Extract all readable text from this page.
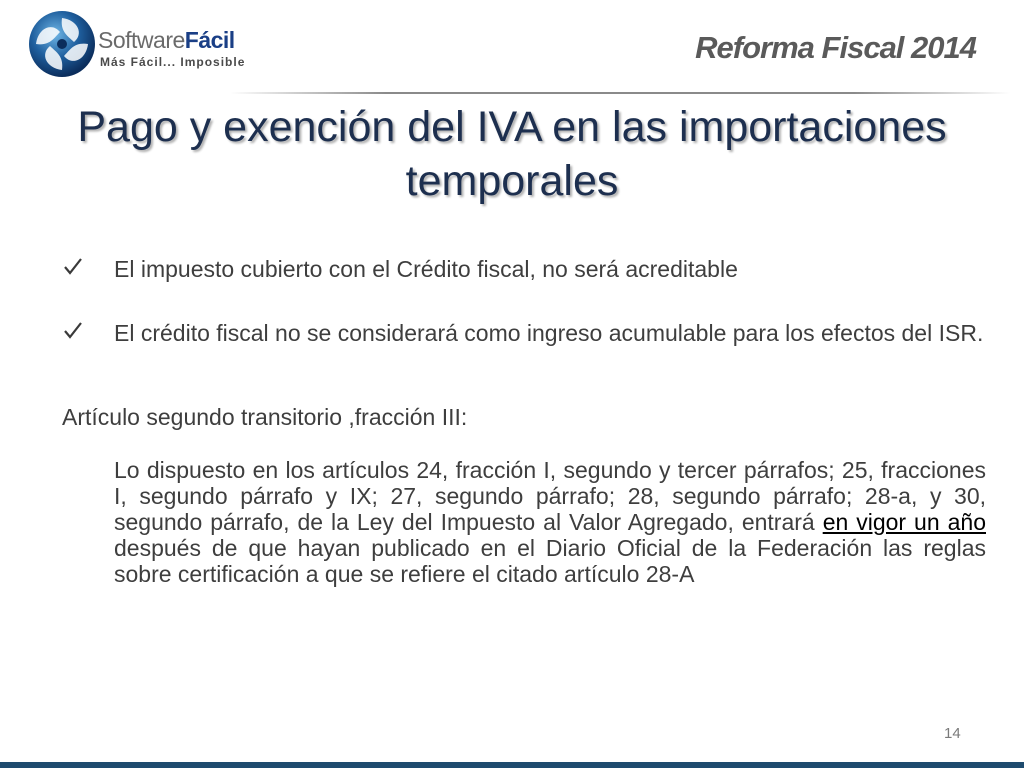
SoftwareFácil
Más Fácil... Imposible	Reforma Fiscal 2014
Pago y exención del IVA en las importaciones temporales
El impuesto cubierto con el Crédito fiscal, no será acreditable
El crédito fiscal no se considerará como ingreso acumulable para los efectos del ISR.
Artículo segundo transitorio ,fracción III:
Lo dispuesto en los artículos 24, fracción I, segundo y tercer párrafos; 25, fracciones I, segundo párrafo y IX; 27, segundo párrafo; 28, segundo párrafo; 28-a, y 30, segundo párrafo, de la Ley del Impuesto al Valor Agregado, entrará en vigor un año después de que hayan publicado en el Diario Oficial de la Federación las reglas sobre certificación a que se refiere el citado artículo 28-A
14
